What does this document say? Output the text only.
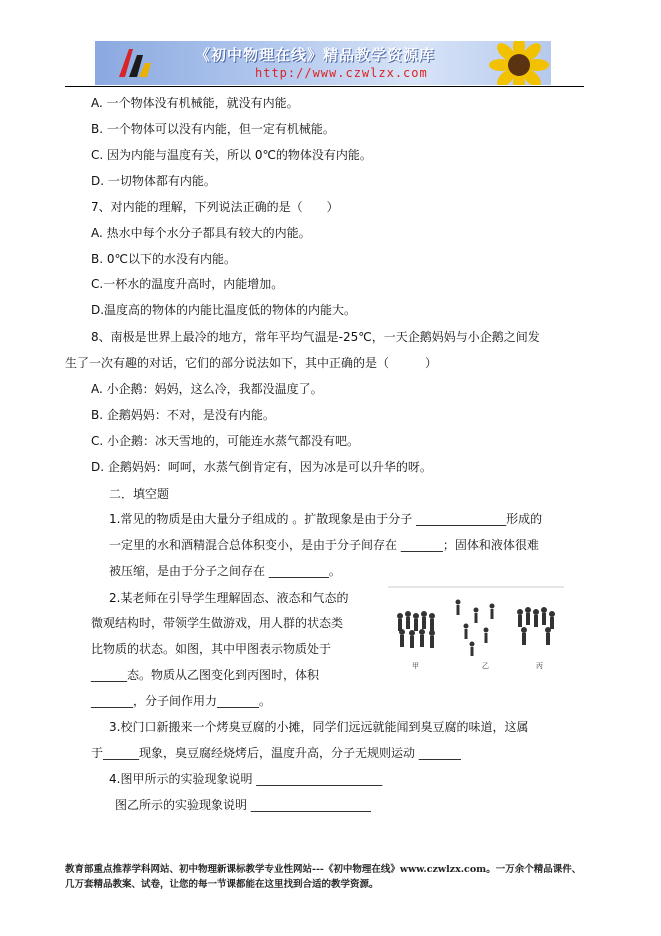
《初中物理在线》精品教学资源库
http://www.czwlzx.com
A. 一个物体没有机械能，就没有内能。
B. 一个物体可以没有内能，但一定有机械能。
C. 因为内能与温度有关，所以 0℃的物体没有内能。
D. 一切物体都有内能。
7、对内能的理解，下列说法正确的是（　　）
A. 热水中每个水分子都具有较大的内能。
B. 0℃以下的水没有内能。
C.一杯水的温度升高时，内能增加。
D.温度高的物体的内能比温度低的物体的内能大。
8、南极是世界上最冷的地方，常年平均气温是-25℃，一天企鹅妈妈与小企鹅之间发
生了一次有趣的对话，它们的部分说法如下，其中正确的是（　　　）
A. 小企鹅：妈妈，这么冷，我都没温度了。
B. 企鹅妈妈：不对，是没有内能。
C. 小企鹅：冰天雪地的，可能连水蒸气都没有吧。
D. 企鹅妈妈：呵呵，水蒸气倒肯定有，因为冰是可以升华的呀。
二．填空题
1.常见的物质是由大量分子组成的 。扩散现象是由于分子 _______________形成的
一定里的水和酒精混合总体积变小，是由于分子间存在 _______；固体和液体很难
被压缩，是由于分子之间存在 __________。
2.某老师在引导学生理解固态、液态和气态的
微观结构时，带领学生做游戏，用人群的状态类
比物质的状态。如图，其中甲图表示物质处于
______态。物质从乙图变化到丙图时，体积
_______，分子间作用力_______。
3.校门口新搬来一个烤臭豆腐的小摊，同学们远远就能闻到臭豆腐的味道，这属
于______现象，臭豆腐经烧烤后，温度升高，分子无规则运动 _______
4.图甲所示的实验现象说明 _____________________
图乙所示的实验现象说明 ____________________
甲	乙	丙
教育部重点推荐学科网站、初中物理新课标教学专业性网站---《初中物理在线》www.czwlzx.com。一万余个精品课件、
几万套精品教案、试卷，让您的每一节课都能在这里找到合适的教学资源。
